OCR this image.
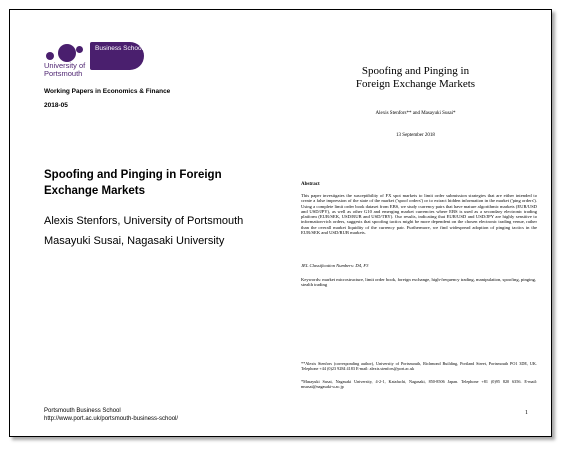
Business School
University of Portsmouth
Working Papers in Economics & Finance
2018-05
Spoofing and Pinging in Foreign Exchange Markets
Alexis Stenfors, University of Portsmouth
Masayuki Susai, Nagasaki University
Portsmouth Business School
http://www.port.ac.uk/portsmouth-business-school/
Spoofing and Pinging in
Foreign Exchange Markets
Alexis Stenfors** and Masayuki Susai*
13 September 2018
Abstract
This paper investigates the susceptibility of FX spot markets to limit order submission strategies that are either intended to create a false impression of the state of the market ('spoof orders') or to extract hidden information in the market ('ping orders'). Using a complete limit order book dataset from EBS, we study currency pairs that have mature algorithmic markets (EUR/USD and USD/JPY), as well as other G10 and emerging market currencies where EBS is used as a secondary electronic trading platform (EUR/SEK, USD/RUB and USD/TRY). Our results, indicating that EUR/USD and USD/JPY are highly sensitive to information-rich orders, suggests that spoofing tactics might be more dependent on the chosen electronic trading venue, rather than the overall market liquidity of the currency pair. Furthermore, we find widespread adoption of pinging tactics in the EUR/SEK and USD/RUB markets.
JEL Classification Numbers: D4, F3
Keywords: market microstructure, limit order book, foreign exchange, high-frequency trading, manipulation, spoofing, pinging, stealth trading
**Alexis Stenfors (corresponding author), University of Portsmouth, Richmond Building, Portland Street, Portsmouth PO1 3DE, UK. Telephone +44 (0)23 9284 4183 E-mail: alexis.stenfors@port.ac.uk
*Masayuki Susai, Nagasaki University, 4-2-1, Katafuchi, Nagasaki, 850-8506 Japan. Telephone +81 (0)95 820 6356. E-mail: msusai@nagasaki-u.ac.jp
1
